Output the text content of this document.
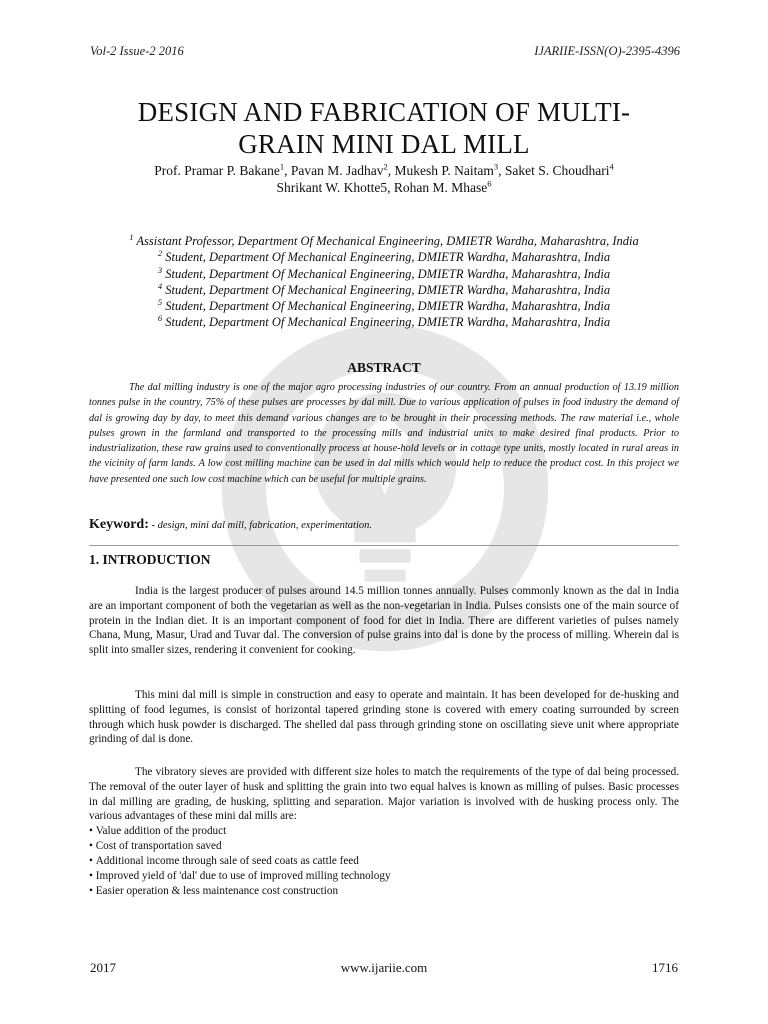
Vol-2 Issue-2 2016	IJARIIE-ISSN(O)-2395-4396
DESIGN AND FABRICATION OF MULTI-
GRAIN MINI DAL MILL
Prof. Pramar P. Bakane$^1$, Pavan M. Jadhav$^2$, Mukesh P. Naitam$^3$, Saket S. Choudhari$^4$
Shrikant W. Khotte5, Rohan M. Mhase$^6$
$^1$ Assistant Professor, Department Of Mechanical Engineering, DMIETR Wardha, Maharashtra, India
$^2$ Student, Department Of Mechanical Engineering, DMIETR Wardha, Maharashtra, India
$^3$ Student, Department Of Mechanical Engineering, DMIETR Wardha, Maharashtra, India
$^4$ Student, Department Of Mechanical Engineering, DMIETR Wardha, Maharashtra, India
$^5$ Student, Department Of Mechanical Engineering, DMIETR Wardha, Maharashtra, India
$^6$ Student, Department Of Mechanical Engineering, DMIETR Wardha, Maharashtra, India
ABSTRACT
The dal milling industry is one of the major agro processing industries of our country. From an annual production of 13.19 million tonnes pulse in the country, 75% of these pulses are processes by dal mill. Due to various application of pulses in food industry the demand of dal is growing day by day, to meet this demand various changes are to be brought in their processing methods. The raw material i.e., whole pulses grown in the farmland and transported to the processing mills and industrial units to make desired final products. Prior to industrialization, these raw grains used to conventionally process at house-hold levels or in cottage type units, mostly located in rural areas in the vicinity of farm lands. A low cost milling machine can be used in dal mills which would help to reduce the product cost. In this project we have presented one such low cost machine which can be useful for multiple grains.
Keyword: - design, mini dal mill, fabrication, experimentation.
1. INTRODUCTION
India is the largest producer of pulses around 14.5 million tonnes annually. Pulses commonly known as the dal in India are an important component of both the vegetarian as well as the non-vegetarian in India. Pulses consists one of the main source of protein in the Indian diet. It is an important component of food for diet in India. There are different varieties of pulses namely Chana, Mung, Masur, Urad and Tuvar dal. The conversion of pulse grains into dal is done by the process of milling. Wherein dal is split into smaller sizes, rendering it convenient for cooking.
This mini dal mill is simple in construction and easy to operate and maintain. It has been developed for de-husking and splitting of food legumes, is consist of horizontal tapered grinding stone is covered with emery coating surrounded by screen through which husk powder is discharged. The shelled dal pass through grinding stone on oscillating sieve unit where appropriate grinding of dal is done.
The vibratory sieves are provided with different size holes to match the requirements of the type of dal being processed. The removal of the outer layer of husk and splitting the grain into two equal halves is known as milling of pulses. Basic processes in dal milling are grading, de husking, splitting and separation. Major variation is involved with de husking process only. The various advantages of these mini dal mills are:
• Value addition of the product
• Cost of transportation saved
• Additional income through sale of seed coats as cattle feed
• Improved yield of 'dal' due to use of improved milling technology
• Easier operation & less maintenance cost construction
2017	www.ijariie.com	1716
